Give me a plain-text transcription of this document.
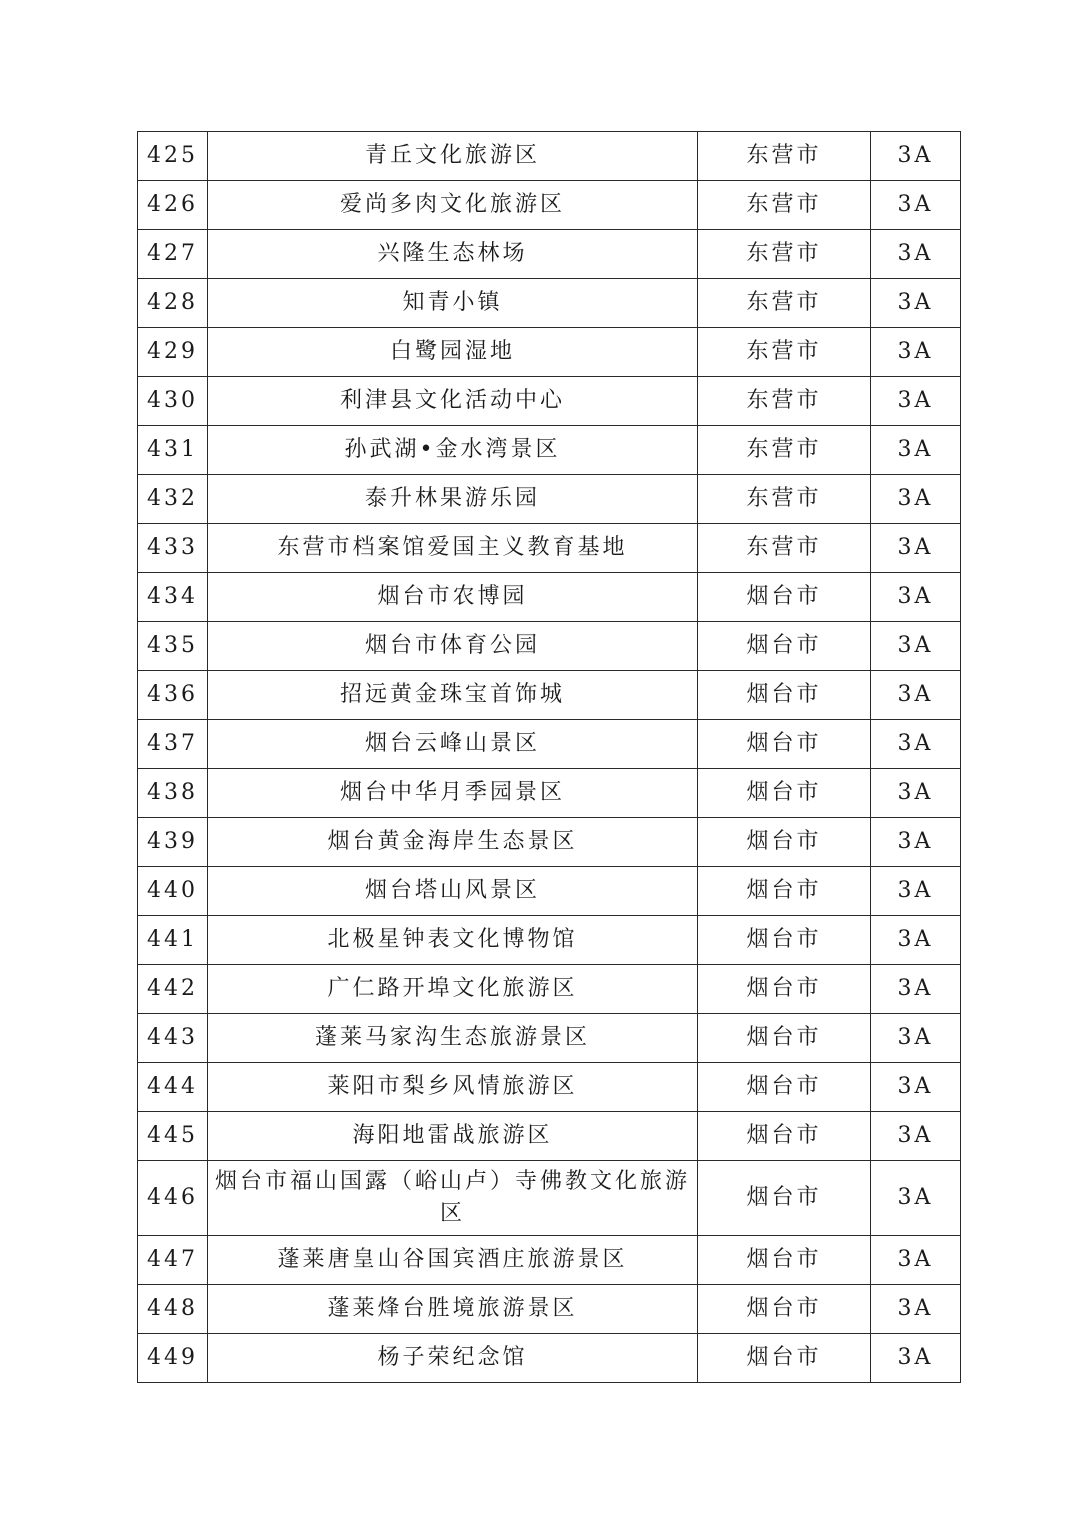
425	青丘文化旅游区	东营市	3A
426	爱尚多肉文化旅游区	东营市	3A
427	兴隆生态林场	东营市	3A
428	知青小镇	东营市	3A
429	白鹭园湿地	东营市	3A
430	利津县文化活动中心	东营市	3A
431	孙武湖•金水湾景区	东营市	3A
432	泰升林果游乐园	东营市	3A
433	东营市档案馆爱国主义教育基地	东营市	3A
434	烟台市农博园	烟台市	3A
435	烟台市体育公园	烟台市	3A
436	招远黄金珠宝首饰城	烟台市	3A
437	烟台云峰山景区	烟台市	3A
438	烟台中华月季园景区	烟台市	3A
439	烟台黄金海岸生态景区	烟台市	3A
440	烟台塔山风景区	烟台市	3A
441	北极星钟表文化博物馆	烟台市	3A
442	广仁路开埠文化旅游区	烟台市	3A
443	蓬莱马家沟生态旅游景区	烟台市	3A
444	莱阳市梨乡风情旅游区	烟台市	3A
445	海阳地雷战旅游区	烟台市	3A
446	烟台市福山国露（峪山卢）寺佛教文化旅游区	烟台市	3A
447	蓬莱唐皇山谷国宾酒庄旅游景区	烟台市	3A
448	蓬莱烽台胜境旅游景区	烟台市	3A
449	杨子荣纪念馆	烟台市	3A
